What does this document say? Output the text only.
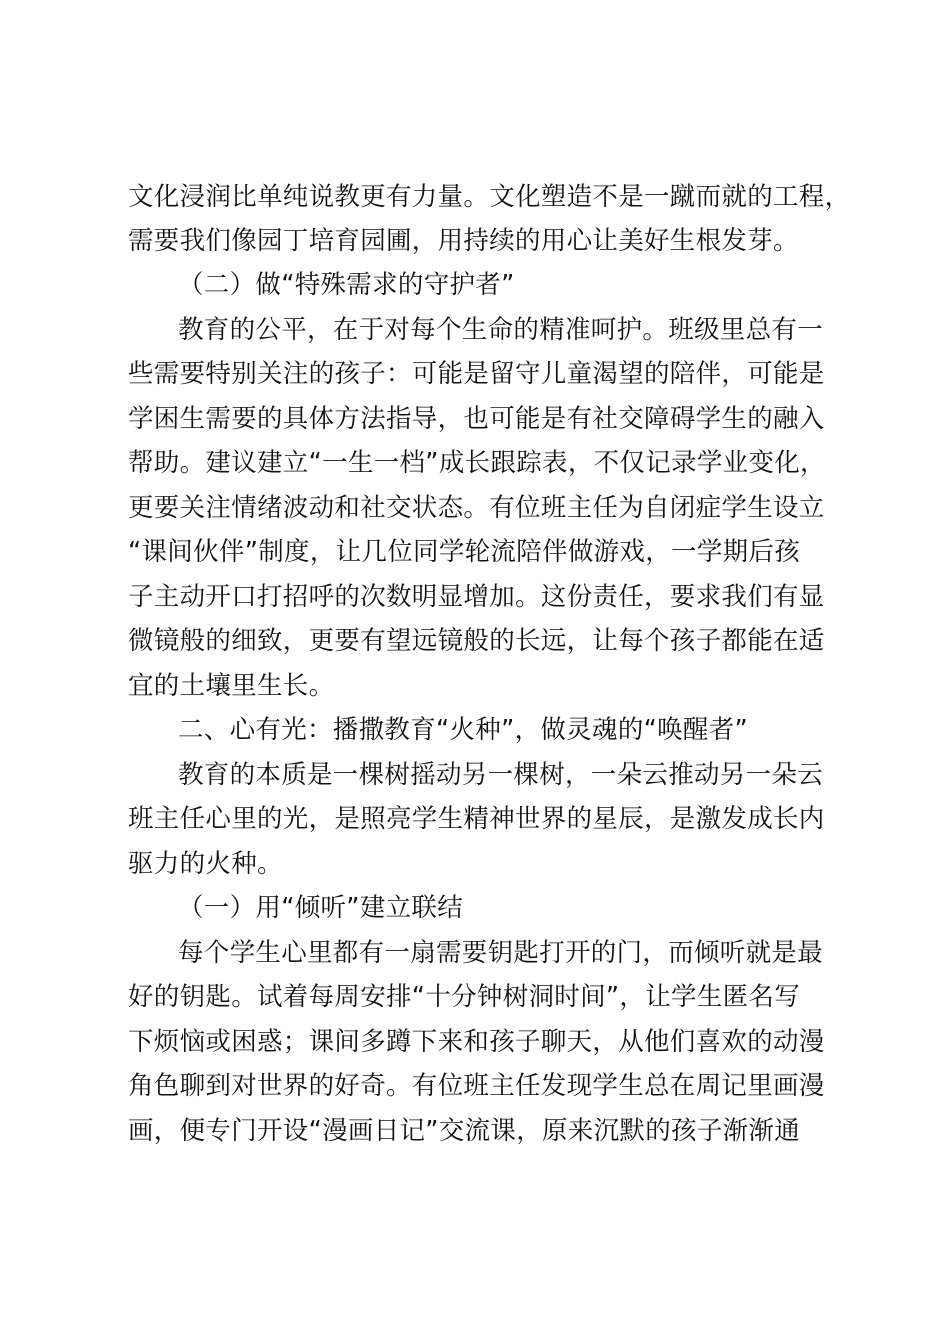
文化浸润比单纯说教更有力量。文化塑造不是一蹴而就的工程，
需要我们像园丁培育园圃，用持续的用心让美好生根发芽。
（二）做“特殊需求的守护者”
教育的公平，在于对每个生命的精准呵护。班级里总有一
些需要特别关注的孩子：可能是留守儿童渴望的陪伴，可能是
学困生需要的具体方法指导，也可能是有社交障碍学生的融入
帮助。建议建立“一生一档”成长跟踪表，不仅记录学业变化，
更要关注情绪波动和社交状态。有位班主任为自闭症学生设立
“课间伙伴”制度，让几位同学轮流陪伴做游戏，一学期后孩
子主动开口打招呼的次数明显增加。这份责任，要求我们有显
微镜般的细致，更要有望远镜般的长远，让每个孩子都能在适
宜的土壤里生长。
二、心有光：播撒教育“火种”，做灵魂的“唤醒者”
教育的本质是一棵树摇动另一棵树，一朵云推动另一朵云
班主任心里的光，是照亮学生精神世界的星辰，是激发成长内
驱力的火种。
（一）用“倾听”建立联结
每个学生心里都有一扇需要钥匙打开的门，而倾听就是最
好的钥匙。试着每周安排“十分钟树洞时间”，让学生匿名写
下烦恼或困惑；课间多蹲下来和孩子聊天，从他们喜欢的动漫
角色聊到对世界的好奇。有位班主任发现学生总在周记里画漫
画，便专门开设“漫画日记”交流课，原来沉默的孩子渐渐通
